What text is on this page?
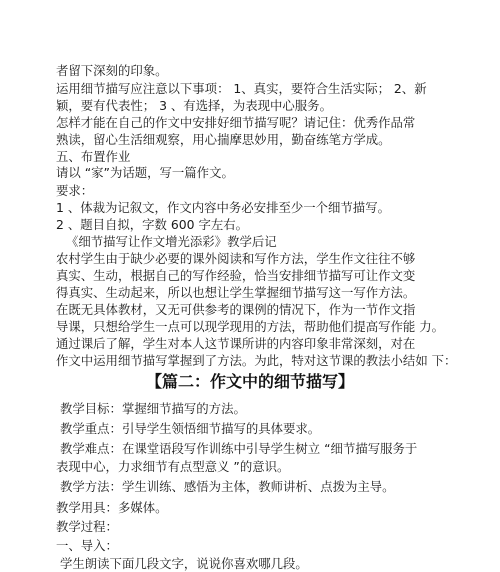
者留下深刻的印象。
运用细节描写应注意以下事项： 1、真实，要符合生活实际； 2、新
颖，要有代表性； 3 、有选择，为表现中心服务。
怎样才能在自己的作文中安排好细节描写呢？请记住：优秀作品常
熟读，留心生活细观察，用心揣摩思妙用，勤奋练笔方学成。
五、布置作业
请以 “家”为话题，写一篇作文。
要求：
1 、体裁为记叙文，作文内容中务必安排至少一个细节描写。
2 、题目自拟，字数 600 字左右。
《细节描写让作文增光添彩》教学后记
农村学生由于缺少必要的课外阅读和写作方法，学生作文往往不够
真实、生动，根据自己的写作经验，恰当安排细节描写可让作文变
得真实、生动起来，所以也想让学生掌握细节描写这一写作方法。
在既无具体教材，又无可供参考的课例的情况下，作为一节作文指
导课，只想给学生一点可以现学现用的方法，帮助他们提高写作能 力。
通过课后了解，学生对本人这节课所讲的内容印象非常深刻，对在
作文中运用细节描写掌握到了方法。为此，特对这节课的教法小结如 下：
【篇二：作文中的细节描写】
教学目标：掌握细节描写的方法。
教学重点：引导学生领悟细节描写的具体要求。
教学难点：在课堂语段写作训练中引导学生树立 “细节描写服务于
表现中心，力求细节有点型意义 ”的意识。
教学方法：学生训练、感悟为主体，教师讲析、点拨为主导。
教学用具：多媒体。
教学过程：
一、导入：
学生朗读下面几段文字，说说你喜欢哪几段。
